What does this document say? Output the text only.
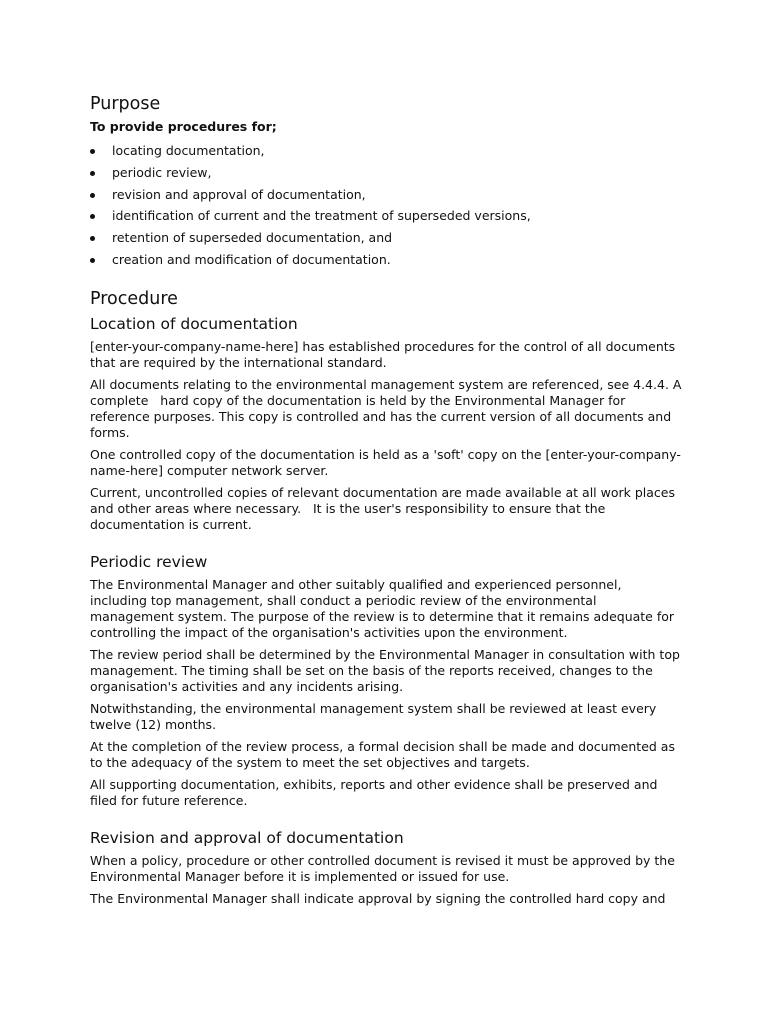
Purpose
To provide procedures for;
locating documentation,
periodic review,
revision and approval of documentation,
identification of current and the treatment of superseded versions,
retention of superseded documentation, and
creation and modification of documentation.
Procedure
Location of documentation

[enter-your-company-name-here] has established procedures for the control of all documents that are required by the international standard.

All documents relating to the environmental management system are referenced, see 4.4.4. A complete   hard copy of the documentation is held by the Environmental Manager for reference purposes. This copy is controlled and has the current version of all documents and forms.

One controlled copy of the documentation is held as a 'soft' copy on the [enter-your-company-name-here] computer network server.

Current, uncontrolled copies of relevant documentation are made available at all work places and other areas where necessary.   It is the user's responsibility to ensure that the documentation is current.

Periodic review

The Environmental Manager and other suitably qualified and experienced personnel, including top management, shall conduct a periodic review of the environmental management system. The purpose of the review is to determine that it remains adequate for controlling the impact of the organisation's activities upon the environment.

The review period shall be determined by the Environmental Manager in consultation with top management. The timing shall be set on the basis of the reports received, changes to the organisation's activities and any incidents arising.

Notwithstanding, the environmental management system shall be reviewed at least every twelve (12) months.

At the completion of the review process, a formal decision shall be made and documented as to the adequacy of the system to meet the set objectives and targets.

All supporting documentation, exhibits, reports and other evidence shall be preserved and filed for future reference.

Revision and approval of documentation

When a policy, procedure or other controlled document is revised it must be approved by the Environmental Manager before it is implemented or issued for use.

The Environmental Manager shall indicate approval by signing the controlled hard copy and
